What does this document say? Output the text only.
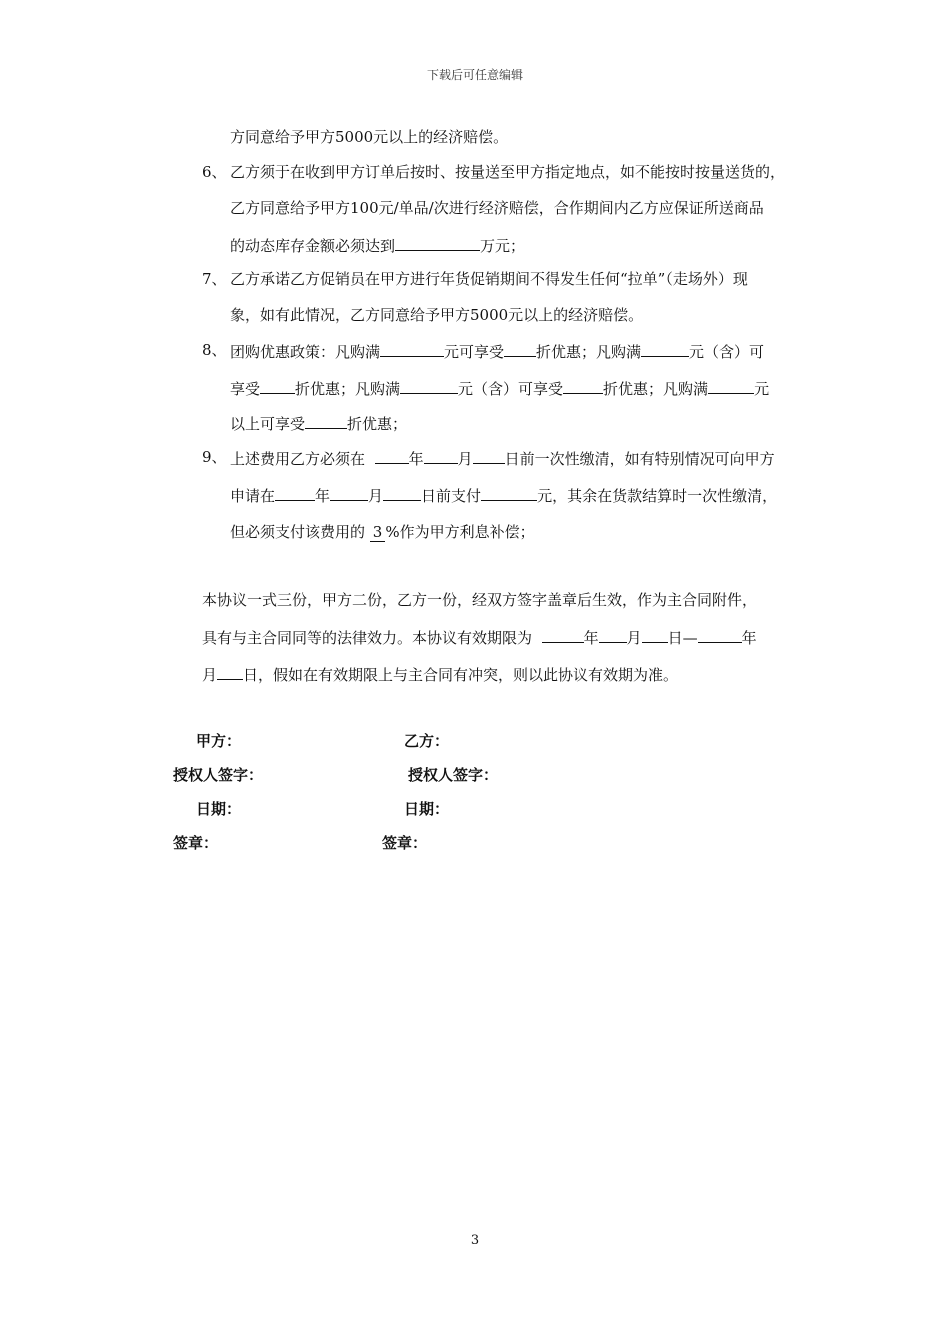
下载后可任意编辑
方同意给予甲方5000元以上的经济赔偿。
6、 乙方须于在收到甲方订单后按时、按量送至甲方指定地点，如不能按时按量送货的，
乙方同意给予甲方100元/单品/次进行经济赔偿，合作期间内乙方应保证所送商品
的动态库存金额必须达到	万元；
7、 乙方承诺乙方促销员在甲方进行年货促销期间不得发生任何“拉单”（走场外）现
象，如有此情况，乙方同意给予甲方5000元以上的经济赔偿。
8、 团购优惠政策：凡购满	元可享受 折优惠；凡购满	元（含）可
享受 折优惠；凡购满	元（含）可享受	折优惠；凡购满	元
以上可享受	折优惠；
9、 上述费用乙方必须在	年 月 日前一次性缴清，如有特别情况可向甲方
申请在	年	月	日前支付	元，其余在货款结算时一次性缴清，
但必须支付该费用的 3 %作为甲方利息补偿；
本协议一式三份，甲方二份，乙方一份，经双方签字盖章后生效，作为主合同附件，
具有与主合同同等的法律效力。本协议有效期限为	年 月 日—	年
月 日，假如在有效期限上与主合同有冲突，则以此协议有效期为准。
甲方：	乙方：
授权人签字：	授权人签字：
日期：	日期：
签章：	签章：
3
